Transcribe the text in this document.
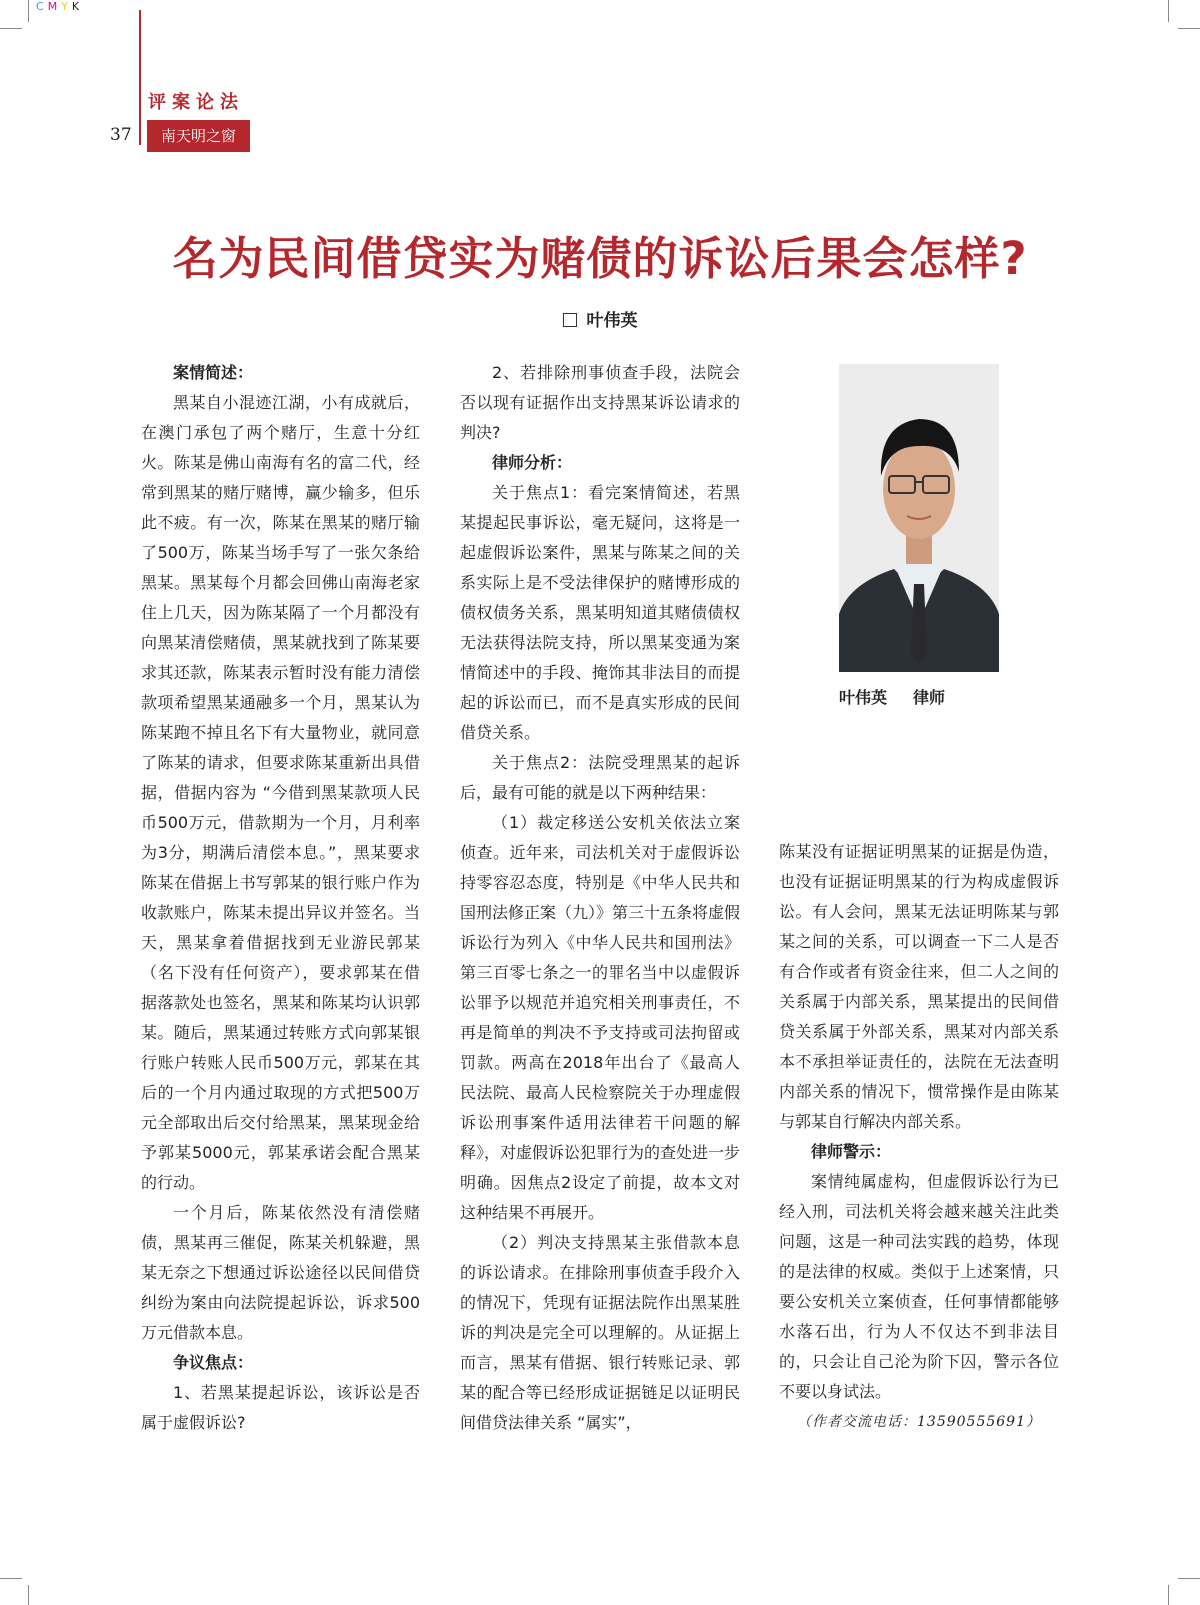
CMYK
评案论法
37	南天明之窗
名为民间借贷实为赌债的诉讼后果会怎样?
叶伟英

案情简述：

黑某自小混迹江湖，小有成就后，在澳门承包了两个赌厅，生意十分红火。陈某是佛山南海有名的富二代，经常到黑某的赌厅赌博，赢少输多，但乐此不疲。有一次，陈某在黑某的赌厅输了500万，陈某当场手写了一张欠条给黑某。黑某每个月都会回佛山南海老家住上几天，因为陈某隔了一个月都没有向黑某清偿赌债，黑某就找到了陈某要求其还款，陈某表示暂时没有能力清偿款项希望黑某通融多一个月，黑某认为陈某跑不掉且名下有大量物业，就同意了陈某的请求，但要求陈某重新出具借据，借据内容为 “今借到黑某款项人民币500万元，借款期为一个月，月利率为3分，期满后清偿本息。”，黑某要求陈某在借据上书写郭某的银行账户作为收款账户，陈某未提出异议并签名。当天，黑某拿着借据找到无业游民郭某（名下没有任何资产），要求郭某在借据落款处也签名，黑某和陈某均认识郭某。随后，黑某通过转账方式向郭某银行账户转账人民币500万元，郭某在其后的一个月内通过取现的方式把500万元全部取出后交付给黑某，黑某现金给予郭某5000元，郭某承诺会配合黑某的行动。

一个月后，陈某依然没有清偿赌债，黑某再三催促，陈某关机躲避，黑某无奈之下想通过诉讼途径以民间借贷纠纷为案由向法院提起诉讼，诉求500万元借款本息。

争议焦点：

1、若黑某提起诉讼，该诉讼是否属于虚假诉讼?

2、若排除刑事侦查手段，法院会否以现有证据作出支持黑某诉讼请求的判决?

律师分析：

关于焦点1：看完案情简述，若黑某提起民事诉讼，毫无疑问，这将是一起虚假诉讼案件，黑某与陈某之间的关系实际上是不受法律保护的赌博形成的债权债务关系，黑某明知道其赌债债权无法获得法院支持，所以黑某变通为案情简述中的手段、掩饰其非法目的而提起的诉讼而已，而不是真实形成的民间借贷关系。

关于焦点2：法院受理黑某的起诉后，最有可能的就是以下两种结果：

（1）裁定移送公安机关依法立案侦查。近年来，司法机关对于虚假诉讼持零容忍态度，特别是《中华人民共和国刑法修正案（九）》第三十五条将虚假诉讼行为列入《中华人民共和国刑法》第三百零七条之一的罪名当中以虚假诉讼罪予以规范并追究相关刑事责任，不再是简单的判决不予支持或司法拘留或罚款。两高在2018年出台了《最高人民法院、最高人民检察院关于办理虚假诉讼刑事案件适用法律若干问题的解释》，对虚假诉讼犯罪行为的查处进一步明确。因焦点2设定了前提，故本文对这种结果不再展开。

（2）判决支持黑某主张借款本息的诉讼请求。在排除刑事侦查手段介入的情况下，凭现有证据法院作出黑某胜诉的判决是完全可以理解的。从证据上而言，黑某有借据、银行转账记录、郭某的配合等已经形成证据链足以证明民间借贷法律关系 “属实”，

陈某没有证据证明黑某的证据是伪造，也没有证据证明黑某的行为构成虚假诉讼。有人会问，黑某无法证明陈某与郭某之间的关系，可以调查一下二人是否有合作或者有资金往来，但二人之间的关系属于内部关系，黑某提出的民间借贷关系属于外部关系，黑某对内部关系本不承担举证责任的，法院在无法查明内部关系的情况下，惯常操作是由陈某与郭某自行解决内部关系。

律师警示：

案情纯属虚构，但虚假诉讼行为已经入刑，司法机关将会越来越关注此类问题，这是一种司法实践的趋势，体现的是法律的权威。类似于上述案情，只要公安机关立案侦查，任何事情都能够水落石出，行为人不仅达不到非法目的，只会让自己沦为阶下囚，警示各位不要以身试法。

（作者交流电话：13590555691）

叶伟英 律师
